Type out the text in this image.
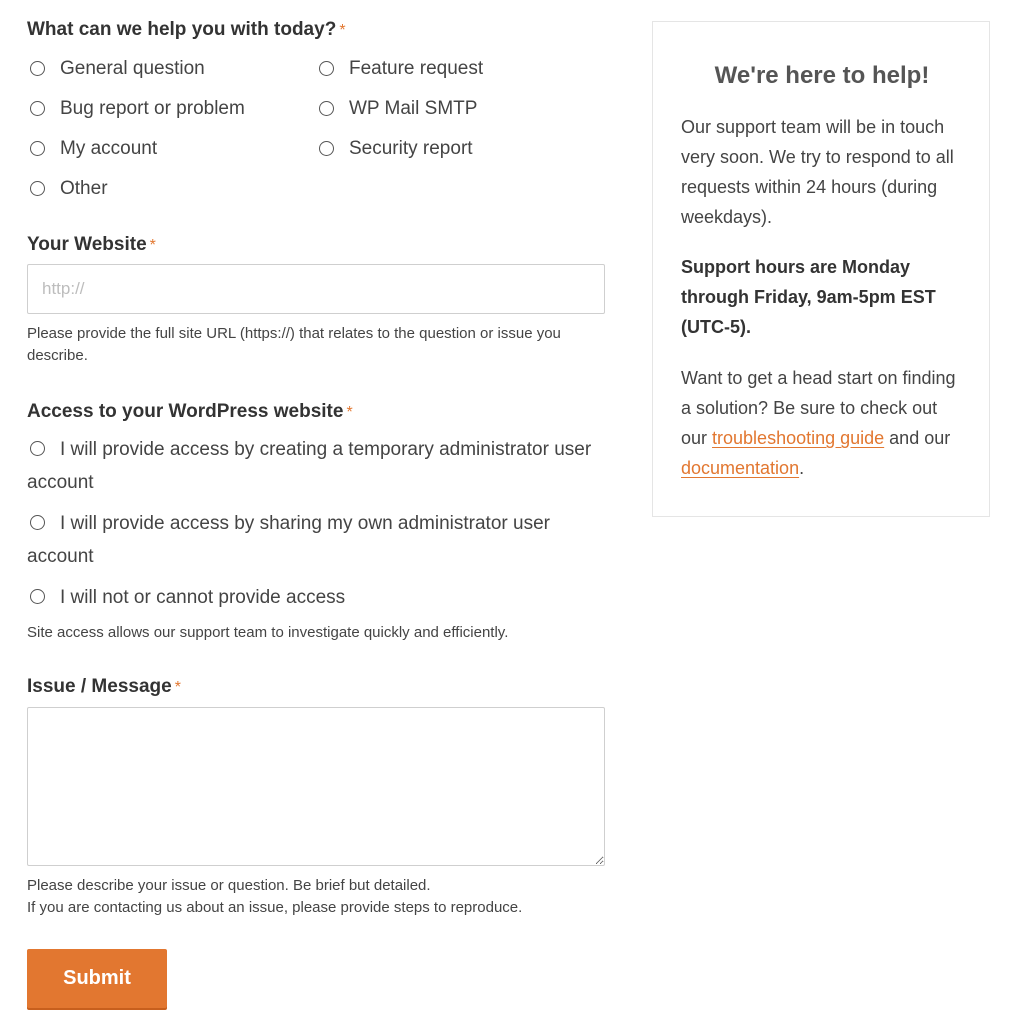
What can we help you with today? *
General question	Feature request
Bug report or problem	WP Mail SMTP
My account	Security report
Other
Your Website *
http://
Please provide the full site URL (https://) that relates to the question or issue you describe.
Access to your WordPress website *
I will provide access by creating a temporary administrator user account
I will provide access by sharing my own administrator user account
I will not or cannot provide access
Site access allows our support team to investigate quickly and efficiently.
Issue / Message *
Please describe your issue or question. Be brief but detailed.
If you are contacting us about an issue, please provide steps to reproduce.
Submit
We're here to help!

Our support team will be in touch very soon. We try to respond to all requests within 24 hours (during weekdays).

Support hours are Monday through Friday, 9am-5pm EST (UTC-5).

Want to get a head start on finding a solution? Be sure to check out our troubleshooting guide and our documentation.
